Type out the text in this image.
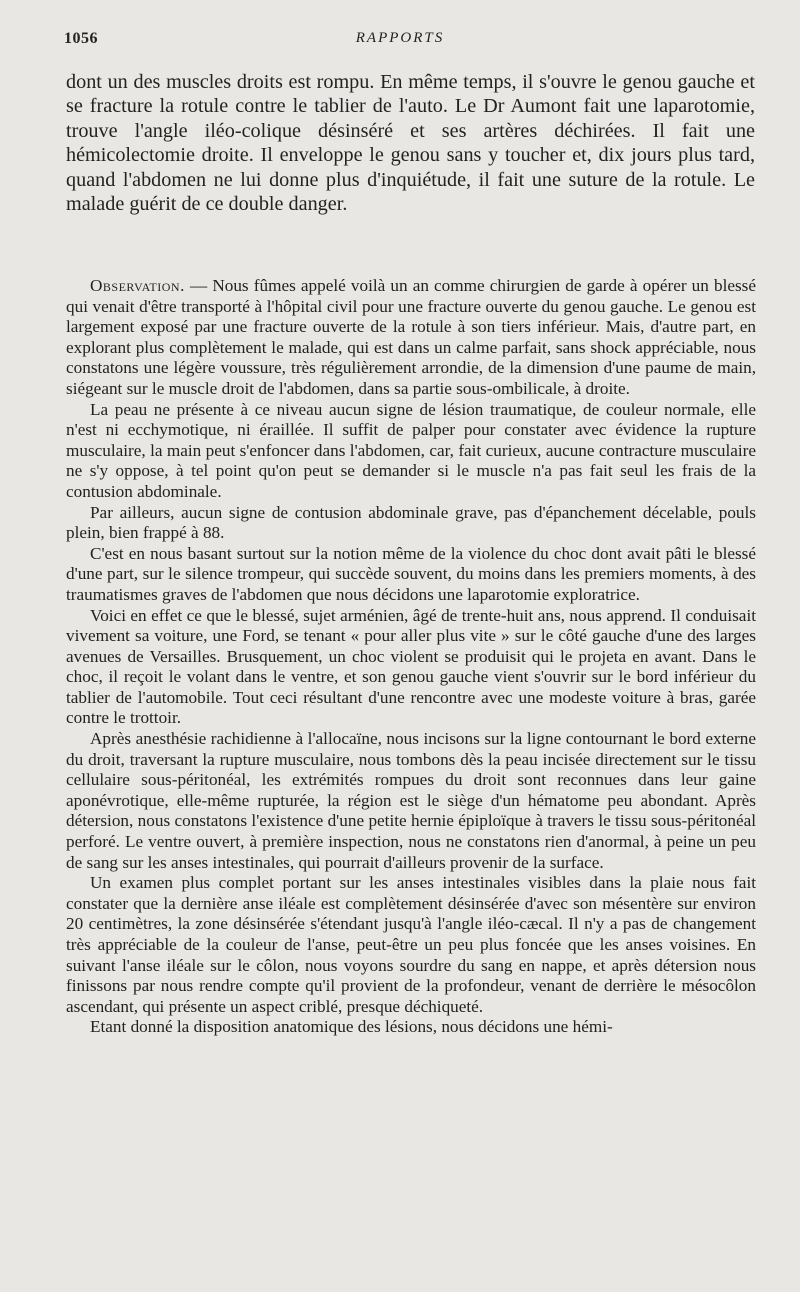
1056	RAPPORTS

dont un des muscles droits est rompu. En même temps, il s'ouvre le genou gauche et se fracture la rotule contre le tablier de l'auto. Le Dr Aumont fait une laparotomie, trouve l'angle iléo-colique désinséré et ses artères déchirées. Il fait une hémicolectomie droite. Il enveloppe le genou sans y toucher et, dix jours plus tard, quand l'abdomen ne lui donne plus d'inquiétude, il fait une suture de la rotule. Le malade guérit de ce double danger.

Observation. — Nous fûmes appelé voilà un an comme chirurgien de garde à opérer un blessé qui venait d'être transporté à l'hôpital civil pour une fracture ouverte du genou gauche. Le genou est largement exposé par une fracture ouverte de la rotule à son tiers inférieur. Mais, d'autre part, en explorant plus complètement le malade, qui est dans un calme parfait, sans shock appréciable, nous constatons une légère voussure, très régulièrement arrondie, de la dimension d'une paume de main, siégeant sur le muscle droit de l'abdomen, dans sa partie sous-ombilicale, à droite.

La peau ne présente à ce niveau aucun signe de lésion traumatique, de couleur normale, elle n'est ni ecchymotique, ni éraillée. Il suffit de palper pour constater avec évidence la rupture musculaire, la main peut s'enfoncer dans l'abdomen, car, fait curieux, aucune contracture musculaire ne s'y oppose, à tel point qu'on peut se demander si le muscle n'a pas fait seul les frais de la contusion abdominale.

Par ailleurs, aucun signe de contusion abdominale grave, pas d'épanchement décelable, pouls plein, bien frappé à 88.

C'est en nous basant surtout sur la notion même de la violence du choc dont avait pâti le blessé d'une part, sur le silence trompeur, qui succède souvent, du moins dans les premiers moments, à des traumatismes graves de l'abdomen que nous décidons une laparotomie exploratrice.

Voici en effet ce que le blessé, sujet arménien, âgé de trente-huit ans, nous apprend. Il conduisait vivement sa voiture, une Ford, se tenant « pour aller plus vite » sur le côté gauche d'une des larges avenues de Versailles. Brusquement, un choc violent se produisit qui le projeta en avant. Dans le choc, il reçoit le volant dans le ventre, et son genou gauche vient s'ouvrir sur le bord inférieur du tablier de l'automobile. Tout ceci résultant d'une rencontre avec une modeste voiture à bras, garée contre le trottoir.

Après anesthésie rachidienne à l'allocaïne, nous incisons sur la ligne contournant le bord externe du droit, traversant la rupture musculaire, nous tombons dès la peau incisée directement sur le tissu cellulaire sous-péritonéal, les extrémités rompues du droit sont reconnues dans leur gaine aponévrotique, elle-même rupturée, la région est le siège d'un hématome peu abondant. Après détersion, nous constatons l'existence d'une petite hernie épiploïque à travers le tissu sous-péritonéal perforé. Le ventre ouvert, à première inspection, nous ne constatons rien d'anormal, à peine un peu de sang sur les anses intestinales, qui pourrait d'ailleurs provenir de la surface.

Un examen plus complet portant sur les anses intestinales visibles dans la plaie nous fait constater que la dernière anse iléale est complètement désinsérée d'avec son mésentère sur environ 20 centimètres, la zone désinsérée s'étendant jusqu'à l'angle iléo-cæcal. Il n'y a pas de changement très appréciable de la couleur de l'anse, peut-être un peu plus foncée que les anses voisines. En suivant l'anse iléale sur le côlon, nous voyons sourdre du sang en nappe, et après détersion nous finissons par nous rendre compte qu'il provient de la profondeur, venant de derrière le mésocôlon ascendant, qui présente un aspect criblé, presque déchiqueté.

Etant donné la disposition anatomique des lésions, nous décidons une hémi-
